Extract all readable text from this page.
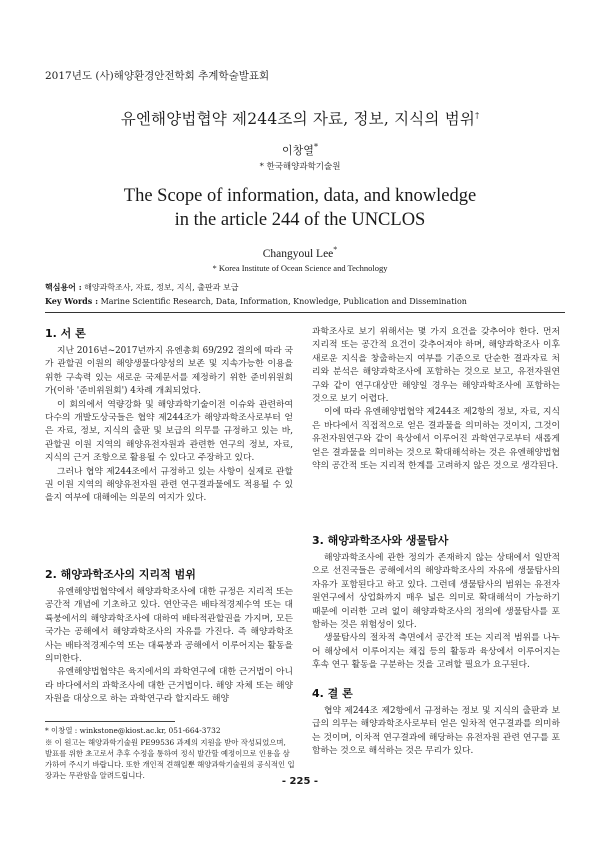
2017년도 (사)해양환경안전학회 추계학술발표회
유엔해양법협약 제244조의 자료, 정보, 지식의 범위†
이창열*
* 한국해양과학기술원
The Scope of information, data, and knowledge
in the article 244 of the UNCLOS
Changyoul Lee*
* Korea Institute of Ocean Science and Technology
핵심용어 : 해양과학조사, 자료, 정보, 지식, 출판과 보급
Key Words : Marine Scientific Research, Data, Information, Knowledge, Publication and Dissemination
1. 서 론

지난 2016년~2017년까지 유엔총회 69/292 결의에 따라 국가 관할권 이원의 해양생물다양성의 보존 및 지속가능한 이용을 위한 구속력 있는 새로운 국제문서를 제정하기 위한 준비위원회가(이하 '준비위원회') 4차례 개최되었다.

이 회의에서 역량강화 및 해양과학기술이전 이슈와 관련하여 다수의 개발도상국들은 협약 제244조가 해양과학조사로부터 얻은 자료, 정보, 지식의 출판 및 보급의 의무를 규정하고 있는 바, 관할권 이원 지역의 해양유전자원과 관련한 연구의 정보, 자료, 지식의 근거 조항으로 활용될 수 있다고 주장하고 있다.

그러나 협약 제244조에서 규정하고 있는 사항이 실제로 관할권 이원 지역의 해양유전자원 관련 연구결과물에도 적용될 수 있을지 여부에 대해에는 의문의 여지가 있다.

2. 해양과학조사의 지리적 범위

유엔해양법협약에서 해양과학조사에 대한 규정은 지리적 또는 공간적 개념에 기초하고 있다. 연안국은 배타적경제수역 또는 대륙붕에서의 해양과학조사에 대하여 배타적관할권을 가지며, 모든 국가는 공해에서 해양과학조사의 자유를 가진다. 즉 해양과학조사는 배타적경제수역 또는 대륙붕과 공해에서 이루어지는 활동을 의미한다.

유엔해양법협약은 육지에서의 과학연구에 대한 근거법이 아니라 바다에서의 과학조사에 대한 근거법이다. 해양 자체 또는 해양 자원을 대상으로 하는 과학연구라 할지라도 해양

* 이창열 : winkstone@kiost.ac.kr, 051-664-3732
※ 이 원고는 해양과학기술원 PE99536 과제의 지원을 받아 작성되었으며, 발표를 위한 초고로서 추후 수정을 통하여 정식 발간할 예정이므로 인용을 삼가하여 주시기 바랍니다. 또한 개인적 견해일뿐 해양과학기술원의 공식적인 입장과는 무관함을 알려드립니다.

과학조사로 보기 위해서는 몇 가지 요건을 갖추어야 한다. 먼저 지리적 또는 공간적 요건이 갖추어져야 하며, 해양과학조사 이후 새로운 지식을 창출하는지 여부를 기준으로 단순한 결과자료 처리와 분석은 해양과학조사에 포함하는 것으로 보고, 유전자원연구와 같이 연구대상만 해양일 경우는 해양과학조사에 포함하는 것으로 보기 어렵다.

이에 따라 유엔해양법협약 제244조 제2항의 정보, 자료, 지식은 바다에서 직접적으로 얻은 결과물을 의미하는 것이지, 그것이 유전자원연구와 같이 육상에서 이루어진 과학연구로부터 새롭게 얻은 결과물을 의미하는 것으로 확대해석하는 것은 유엔해양법협약의 공간적 또는 지리적 한계를 고려하지 않은 것으로 생각된다.

3. 해양과학조사와 생물탐사

해양과학조사에 관한 정의가 존재하지 않는 상태에서 일반적으로 선진국들은 공해에서의 해양과학조사의 자유에 생물탐사의 자유가 포함된다고 하고 있다. 그런데 생물탐사의 범위는 유전자원연구에서 상업화까지 매우 넓은 의미로 확대해석이 가능하기 때문에 이러한 고려 없이 해양과학조사의 정의에 생물탐사를 포함하는 것은 위험성이 있다.

생물탐사의 절차적 측면에서 공간적 또는 지리적 범위를 나누어 해상에서 이루어지는 채집 등의 활동과 육상에서 이루어지는 후속 연구 활동을 구분하는 것을 고려할 필요가 요구된다.

4. 결 론

협약 제244조 제2항에서 규정하는 정보 및 지식의 출판과 보급의 의무는 해양과학조사로부터 얻은 일차적 연구결과를 의미하는 것이며, 이차적 연구결과에 해당하는 유전자원 관련 연구를 포함하는 것으로 해석하는 것은 무리가 있다.

- 225 -
